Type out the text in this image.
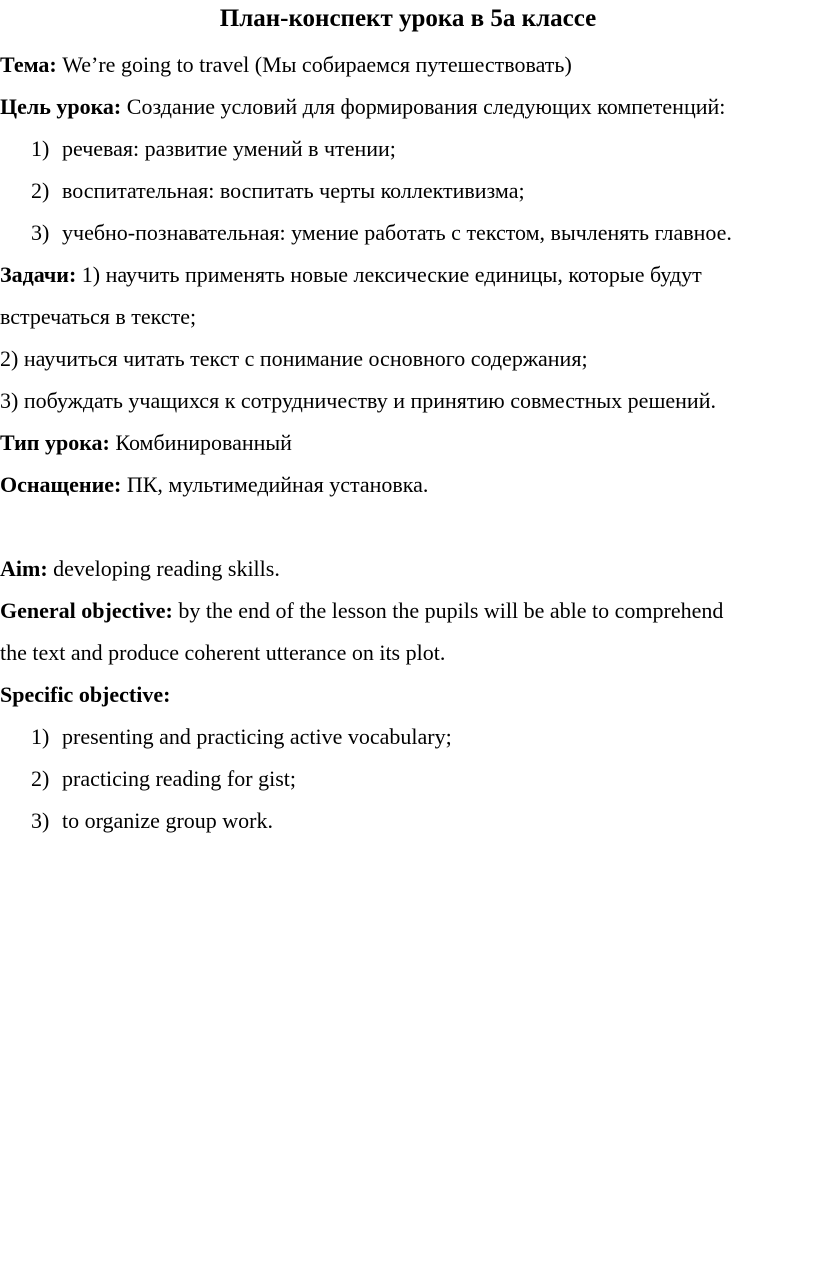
План-конспект урока в 5а классе
Тема: We’re going to travel (Мы собираемся путешествовать)
Цель урока: Создание условий для формирования следующих компетенций:
1) речевая: развитие умений в чтении;
2) воспитательная: воспитать черты коллективизма;
3) учебно-познавательная: умение работать с текстом, вычленять главное.
Задачи: 1) научить применять новые лексические единицы, которые будут
встречаться в тексте;
2) научиться читать текст с понимание основного содержания;
3) побуждать учащихся к сотрудничеству и принятию совместных решений.
Тип урока: Комбинированный
Оснащение: ПК, мультимедийная установка.
Aim: developing reading skills.
General objective: by the end of the lesson the pupils will be able to comprehend
the text and produce coherent utterance on its plot.
Specific objective:
1) presenting and practicing active vocabulary;
2) practicing reading for gist;
3) to organize group work.
